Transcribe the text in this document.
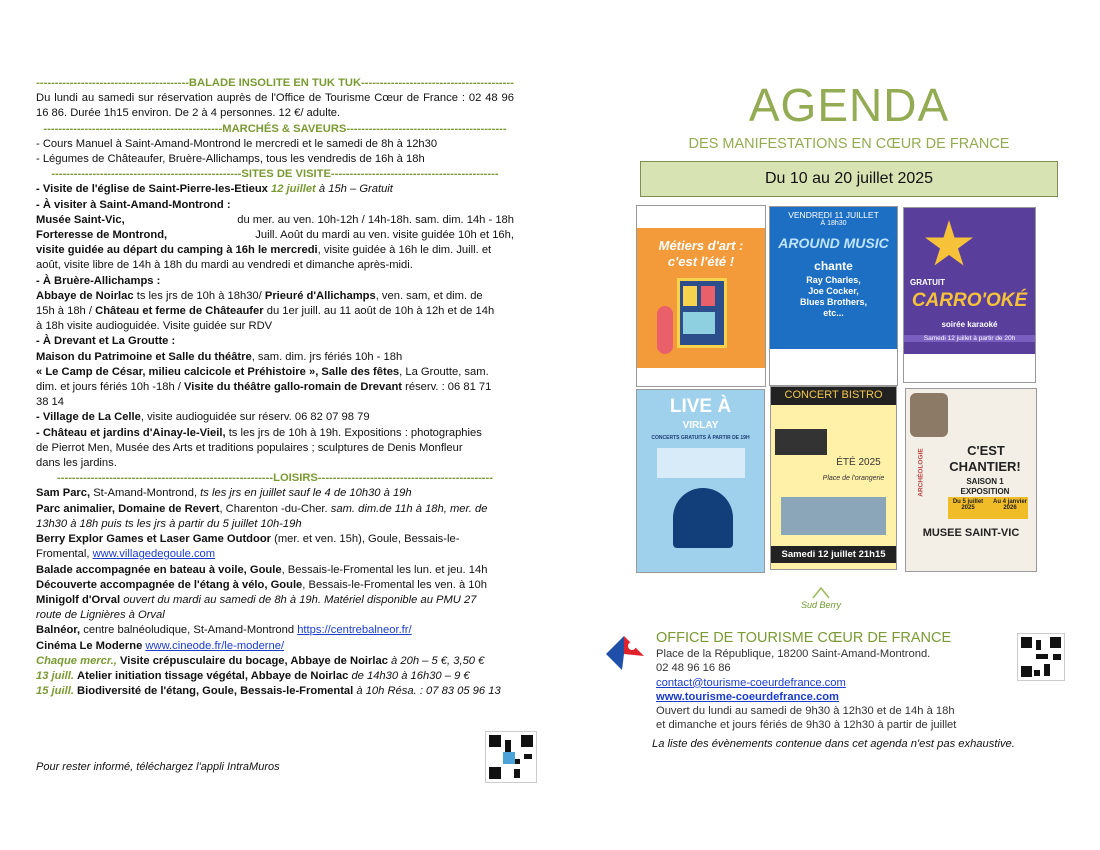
-----------------------------------------BALADE INSOLITE EN TUK TUK-----------------------------------------
Du lundi au samedi sur réservation auprès de l'Office de Tourisme Cœur de France : 02 48 96 16 86. Durée 1h15 environ. De 2 à 4 personnes. 12 €/ adulte.
------------------------------------------------MARCHÉS & SAVEURS-------------------------------------------
- Cours Manuel à Saint-Amand-Montrond le mercredi et le samedi de 8h à 12h30
- Légumes de Châteaufer, Bruère-Allichamps, tous les vendredis de 16h à 18h
---------------------------------------------------SITES DE VISITE---------------------------------------------
- Visite de l'église de Saint-Pierre-les-Etieux 12 juillet à 15h – Gratuit
- À visiter à Saint-Amand-Montrond :
Musée Saint-Vic,	du mer. au ven. 10h-12h / 14h-18h. sam. dim. 14h - 18h
Forteresse de Montrond,	Juill. Août du mardi au ven. visite guidée 10h et 16h,
visite guidée au départ du camping à 16h le mercredi, visite guidée à 16h le dim. Juill. et
août, visite libre de 14h à 18h du mardi au vendredi et dimanche après-midi.
- À Bruère-Allichamps :
Abbaye de Noirlac ts les jrs de 10h à 18h30/ Prieuré d'Allichamps, ven. sam, et dim. de
15h à 18h / Château et ferme de Châteaufer du 1er juill. au 11 août de 10h à 12h et de 14h
à 18h visite audioguidée. Visite guidée sur RDV
- À Drevant et La Groutte :
Maison du Patrimoine et Salle du théâtre, sam. dim. jrs fériés 10h - 18h
« Le Camp de César, milieu calcicole et Préhistoire », Salle des fêtes, La Groutte, sam.
dim. et jours fériés 10h -18h / Visite du théâtre gallo-romain de Drevant réserv. : 06 81 71
38 14
- Village de La Celle, visite audioguidée sur réserv. 06 82 07 98 79
- Château et jardins d'Ainay-le-Vieil, ts les jrs de 10h à 19h. Expositions : photographies
de Pierrot Men, Musée des Arts et traditions populaires ; sculptures de Denis Monfleur
dans les jardins.
----------------------------------------------------------LOISIRS-----------------------------------------------
Sam Parc, St-Amand-Montrond, ts les jrs en juillet sauf le 4 de 10h30 à 19h
Parc animalier, Domaine de Revert, Charenton -du-Cher. sam. dim.de 11h à 18h, mer. de
13h30 à 18h puis ts les jrs à partir du 5 juillet 10h-19h
Berry Explor Games et Laser Game Outdoor (mer. et ven. 15h), Goule, Bessais-le-
Fromental, www.villagedegoule.com
Balade accompagnée en bateau à voile, Goule, Bessais-le-Fromental les lun. et jeu. 14h
Découverte accompagnée de l'étang à vélo, Goule, Bessais-le-Fromental les ven. à 10h
Minigolf d'Orval ouvert du mardi au samedi de 8h à 19h. Matériel disponible au PMU 27
route de Lignières à Orval
Balnéor, centre balnéoludique, St-Amand-Montrond https://centrebalneor.fr/
Cinéma Le Moderne www.cineode.fr/le-moderne/
Chaque mercr., Visite crépusculaire du bocage, Abbaye de Noirlac à 20h – 5 €, 3,50 €
13 juill. Atelier initiation tissage végétal, Abbaye de Noirlac de 14h30 à 16h30 – 9 €
15 juill. Biodiversité de l'étang, Goule, Bessais-le-Fromental à 10h Résa. : 07 83 05 96 13
Pour rester informé, téléchargez l'appli IntraMuros
AGENDA
DES MANIFESTATIONS EN CŒUR DE FRANCE
Du 10 au 20 juillet 2025
Métiers d'art :
c'est l'été !
VENDREDI 11 JUILLET
À 18h30
AROUND MUSIC
chante
Ray Charles,
Joe Cocker,
Blues Brothers,
etc...
GRATUIT
CARRO'OKÉ
soirée karaoké
Samedi 12 juillet à partir de 20h
LIVE À
VIRLAY
CONCERTS GRATUITS À PARTIR DE 19H
CONCERT BISTRO
ÉTÉ 2025
Place de l'orangerie
Samedi 12 juillet 21h15
ARCHÉOLOGIE	C'EST
CHANTIER!
SAISON 1
EXPOSITION
Du 5 juillet 2025
Au 4 janvier 2026
MUSEE SAINT-VIC
Sud Berry
OFFICE DE TOURISME CŒUR DE FRANCE
Place de la République, 18200 Saint-Amand-Montrond.
02 48 96 16 86
contact@tourisme-coeurdefrance.com
www.tourisme-coeurdefrance.com
Ouvert du lundi au samedi de 9h30 à 12h30 et de 14h à 18h
et dimanche et jours fériés de 9h30 à 12h30 à partir de juillet
La liste des évènements contenue dans cet agenda n'est pas exhaustive.
